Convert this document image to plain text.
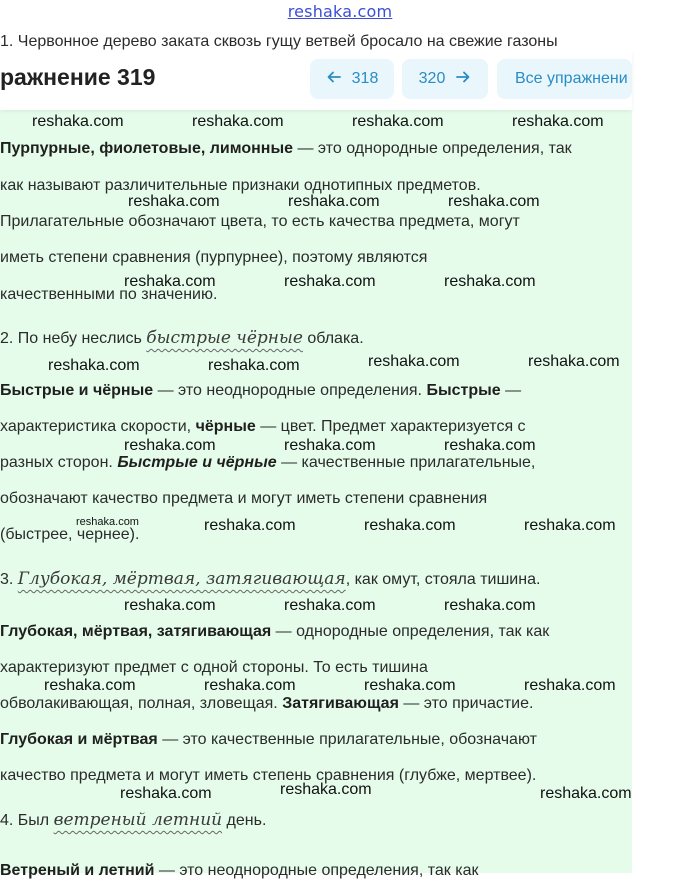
reshaka.com
1. Червонное дерево заката сквозь гущу ветвей бросало на свежие газоны
Пурпурные, фиолетовые, лимонные — это однородные определения, так
как называют различительные признаки однотипных предметов.
Прилагательные обозначают цвета, то есть качества предмета, могут
иметь степени сравнения (пурпурнее), поэтому являются
качественными по значению.
2. По небу неслись быстрые чёрные облака.
Быстрые и чёрные — это неоднородные определения. Быстрые —
характеристика скорости, чёрные — цвет. Предмет характеризуется с
разных сторон. Быстрые и чёрные — качественные прилагательные,
обозначают качество предмета и могут иметь степени сравнения
(быстрее, чернее).
3. Глубокая, мёртвая, затягивающая, как омут, стояла тишина.
Глубокая, мёртвая, затягивающая — однородные определения, так как
характеризуют предмет с одной стороны. То есть тишина
обволакивающая, полная, зловещая. Затягивающая — это причастие.
Глубокая и мёртвая — это качественные прилагательные, обозначают
качество предмета и могут иметь степень сравнения (глубже, мертвее).
4. Был ветреный летний день.
Ветреный и летний — это неоднородные определения, так как
ражнение 319	318	320	Все упражнени
reshaka.com	reshaka.com	reshaka.com	reshaka.com
reshaka.com	reshaka.com	reshaka.com
reshaka.com	reshaka.com	reshaka.com
reshaka.com	reshaka.com	reshaka.com	reshaka.com
reshaka.com	reshaka.com	reshaka.com
reshaka.com	reshaka.com	reshaka.com	reshaka.com
reshaka.com	reshaka.com	reshaka.com
reshaka.com	reshaka.com	reshaka.com	reshaka.com
reshaka.com	reshaka.com	reshaka.com
